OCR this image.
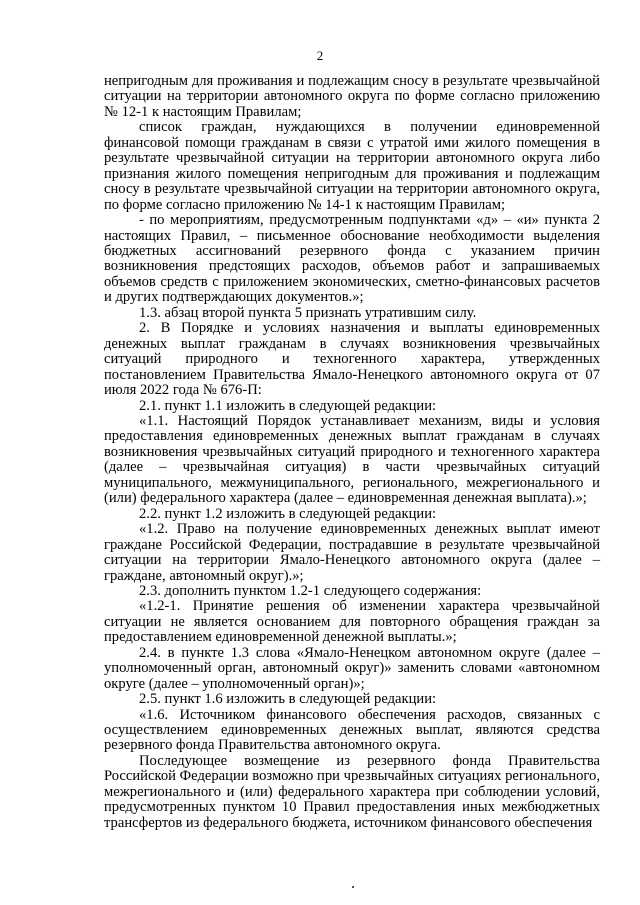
2

непригодным для проживания и подлежащим сносу в результате чрезвычайной ситуации на территории автономного округа по форме согласно приложению № 12-1 к настоящим Правилам;

список граждан, нуждающихся в получении единовременной финансовой помощи гражданам в связи с утратой ими жилого помещения в результате чрезвычайной ситуации на территории автономного округа либо признания жилого помещения непригодным для проживания и подлежащим сносу в результате чрезвычайной ситуации на территории автономного округа, по форме согласно приложению № 14-1 к настоящим Правилам;

- по мероприятиям, предусмотренным подпунктами «д» – «и» пункта 2 настоящих Правил, – письменное обоснование необходимости выделения бюджетных ассигнований резервного фонда с указанием причин возникновения предстоящих расходов, объемов работ и запрашиваемых объемов средств с приложением экономических, сметно-финансовых расчетов и других подтверждающих документов.»;

1.3. абзац второй пункта 5 признать утратившим силу.

2. В Порядке и условиях назначения и выплаты единовременных денежных выплат гражданам в случаях возникновения чрезвычайных ситуаций природного и техногенного характера, утвержденных постановлением Правительства Ямало-Ненецкого автономного округа от 07 июля 2022 года № 676-П:

2.1. пункт 1.1 изложить в следующей редакции:

«1.1. Настоящий Порядок устанавливает механизм, виды и условия предоставления единовременных денежных выплат гражданам в случаях возникновения чрезвычайных ситуаций природного и техногенного характера (далее – чрезвычайная ситуация) в части чрезвычайных ситуаций муниципального, межмуниципального, регионального, межрегионального и (или) федерального характера (далее – единовременная денежная выплата).»;

2.2. пункт 1.2 изложить в следующей редакции:

«1.2. Право на получение единовременных денежных выплат имеют граждане Российской Федерации, пострадавшие в результате чрезвычайной ситуации на территории Ямало-Ненецкого автономного округа (далее – граждане, автономный округ).»;

2.3. дополнить пунктом 1.2-1 следующего содержания:

«1.2-1. Принятие решения об изменении характера чрезвычайной ситуации не является основанием для повторного обращения граждан за предоставлением единовременной денежной выплаты.»;

2.4. в пункте 1.3 слова «Ямало-Ненецком автономном округе (далее – уполномоченный орган, автономный округ)» заменить словами «автономном округе (далее – уполномоченный орган)»;

2.5. пункт 1.6 изложить в следующей редакции:

«1.6. Источником финансового обеспечения расходов, связанных с осуществлением единовременных денежных выплат, являются средства резервного фонда Правительства автономного округа.

Последующее возмещение из резервного фонда Правительства Российской Федерации возможно при чрезвычайных ситуациях регионального, межрегионального и (или) федерального характера при соблюдении условий, предусмотренных пунктом 10 Правил предоставления иных межбюджетных трансфертов из федерального бюджета, источником финансового обеспечения
